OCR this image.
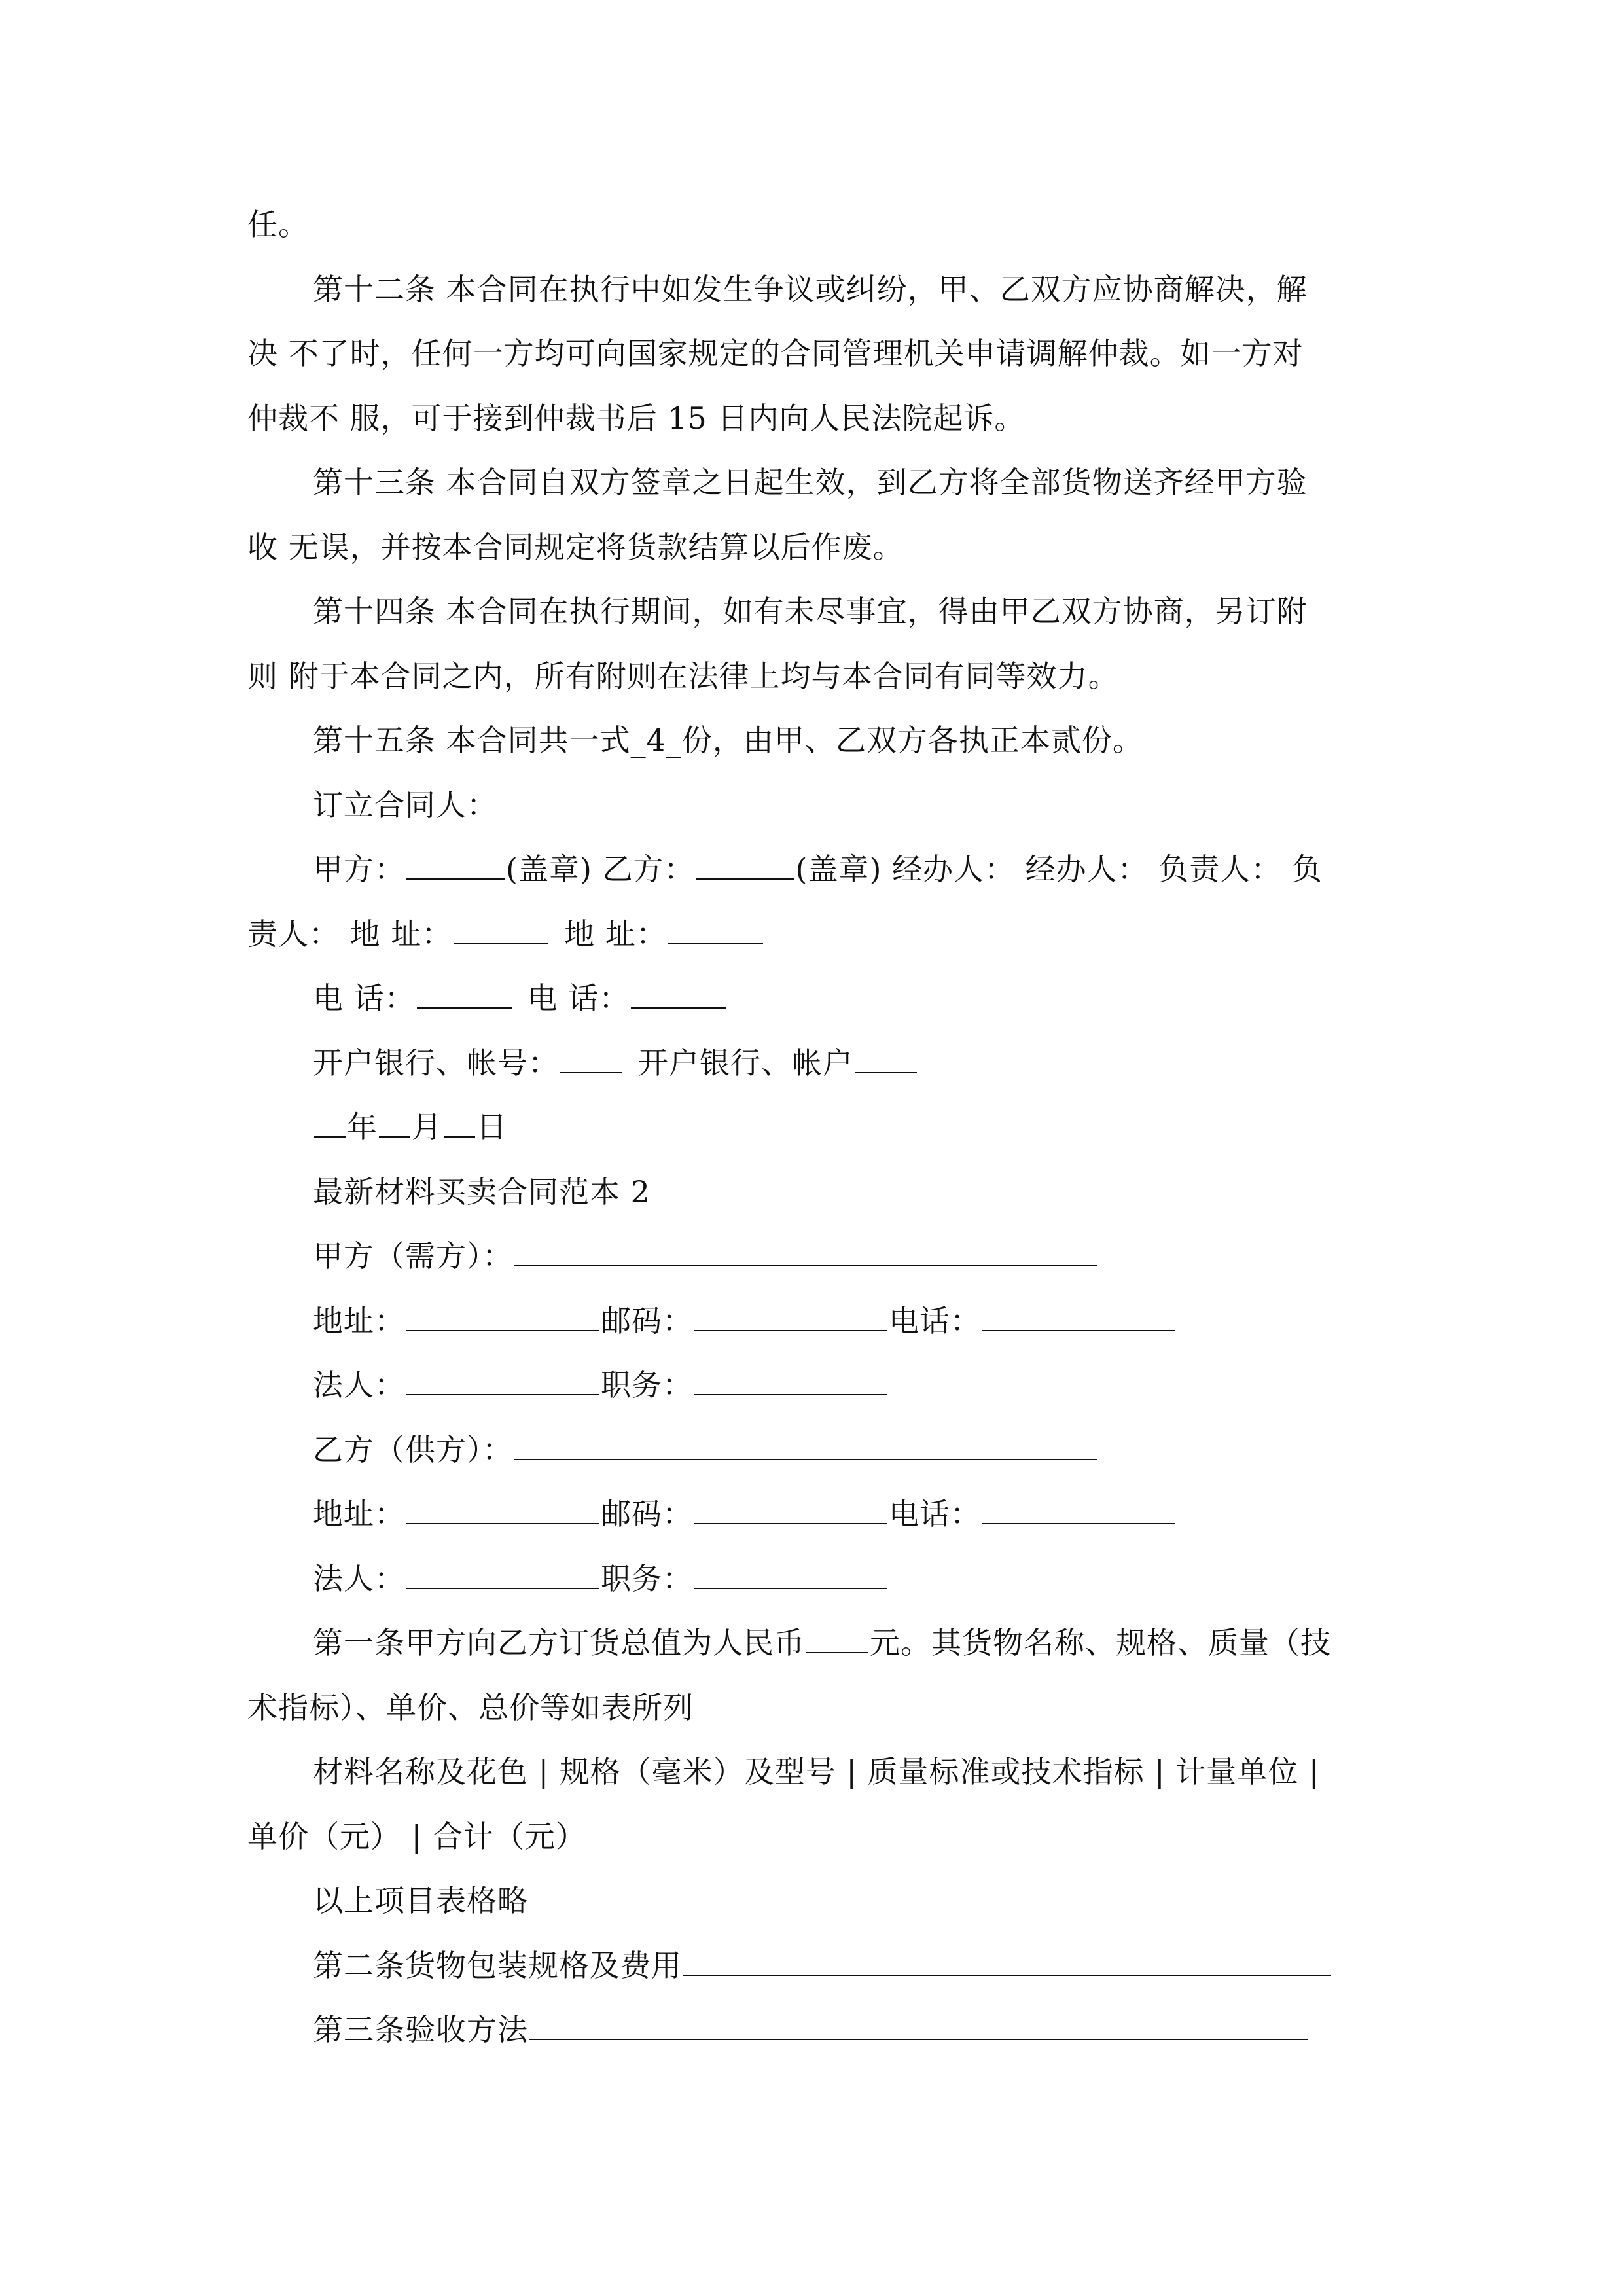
任。
第十二条 本合同在执行中如发生争议或纠纷，甲、乙双方应协商解决，解
决 不了时，任何一方均可向国家规定的合同管理机关申请调解仲裁。如一方对
仲裁不 服，可于接到仲裁书后 15 日内向人民法院起诉。
第十三条 本合同自双方签章之日起生效，到乙方将全部货物送齐经甲方验
收 无误，并按本合同规定将货款结算以后作废。
第十四条 本合同在执行期间，如有未尽事宜，得由甲乙双方协商，另订附
则 附于本合同之内，所有附则在法律上均与本合同有同等效力。
第十五条 本合同共一式_4_份，由甲、乙双方各执正本贰份。
订立合同人：
甲方：	(盖章) 乙方：	(盖章) 经办人： 经办人： 负责人： 负
责人： 地 址：	地 址：
电 话：	电 话：
开户银行、帐号：	开户银行、帐户
年 月 日
最新材料买卖合同范本 2
甲方（需方）：
地址：	邮码：	电话：
法人：	职务：
乙方（供方）：
地址：	邮码：	电话：
法人：	职务：
第一条甲方向乙方订货总值为人民币 元。其货物名称、规格、质量（技
术指标）、单价、总价等如表所列
材料名称及花色 | 规格（毫米）及型号 | 质量标准或技术指标 | 计量单位 |
单价（元） | 合计（元）
以上项目表格略
第二条货物包装规格及费用
第三条验收方法
